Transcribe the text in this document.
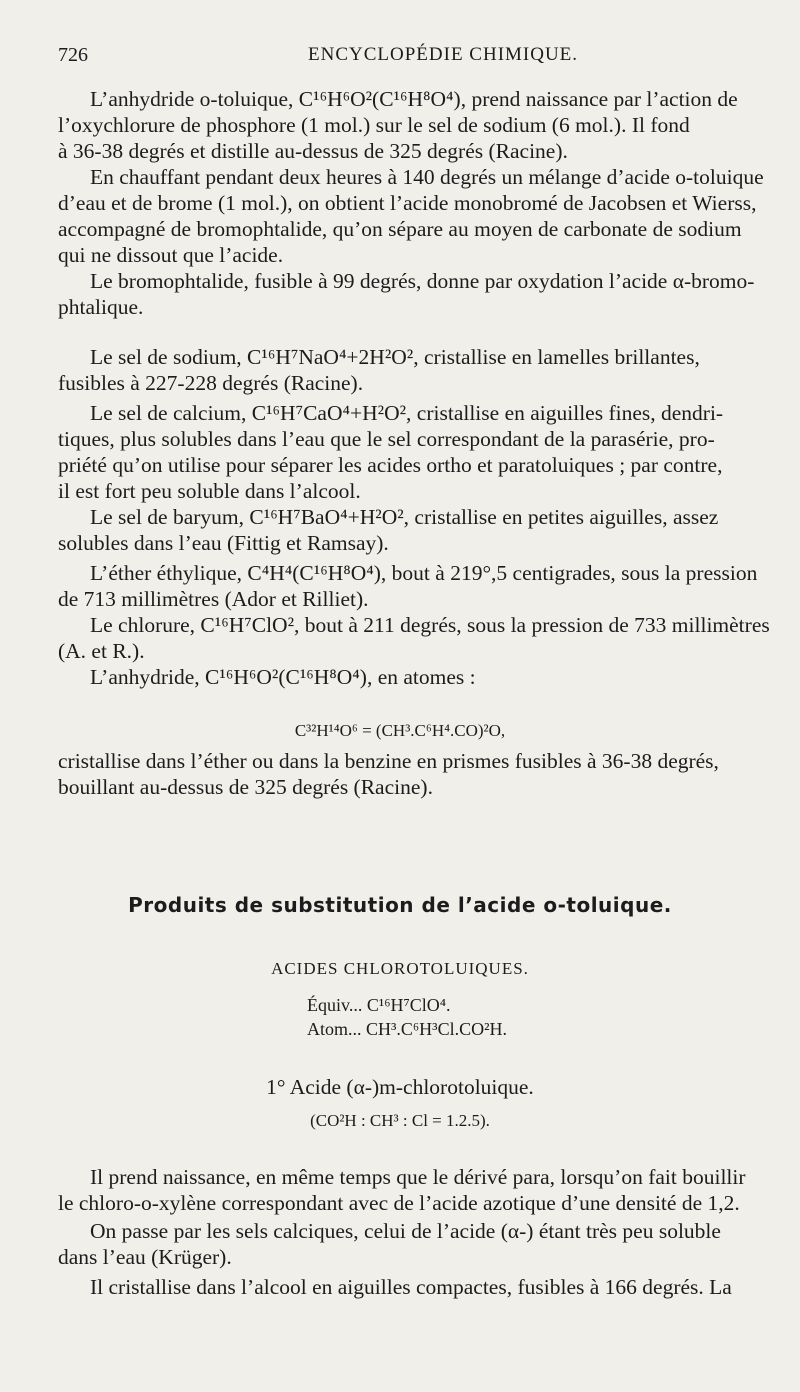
726	ENCYCLOPÉDIE CHIMIQUE.
L’anhydride o-toluique, C¹⁶H⁶O²(C¹⁶H⁸O⁴), prend naissance par l’action de
l’oxychlorure de phosphore (1 mol.) sur le sel de sodium (6 mol.). Il fond
à 36-38 degrés et distille au-dessus de 325 degrés (Racine).
En chauffant pendant deux heures à 140 degrés un mélange d’acide o-toluique
d’eau et de brome (1 mol.), on obtient l’acide monobromé de Jacobsen et Wierss,
accompagné de bromophtalide, qu’on sépare au moyen de carbonate de sodium
qui ne dissout que l’acide.
Le bromophtalide, fusible à 99 degrés, donne par oxydation l’acide α-bromo-
phtalique.
Le sel de sodium, C¹⁶H⁷NaO⁴+2H²O², cristallise en lamelles brillantes,
fusibles à 227-228 degrés (Racine).
Le sel de calcium, C¹⁶H⁷CaO⁴+H²O², cristallise en aiguilles fines, dendri-
tiques, plus solubles dans l’eau que le sel correspondant de la parasérie, pro-
priété qu’on utilise pour séparer les acides ortho et paratoluiques ; par contre,
il est fort peu soluble dans l’alcool.
Le sel de baryum, C¹⁶H⁷BaO⁴+H²O², cristallise en petites aiguilles, assez
solubles dans l’eau (Fittig et Ramsay).
L’éther éthylique, C⁴H⁴(C¹⁶H⁸O⁴), bout à 219°,5 centigrades, sous la pression
de 713 millimètres (Ador et Rilliet).
Le chlorure, C¹⁶H⁷ClO², bout à 211 degrés, sous la pression de 733 millimètres
(A. et R.).
L’anhydride, C¹⁶H⁶O²(C¹⁶H⁸O⁴), en atomes :
C³²H¹⁴O⁶ = (CH³.C⁶H⁴.CO)²O,
cristallise dans l’éther ou dans la benzine en prismes fusibles à 36-38 degrés,
bouillant au-dessus de 325 degrés (Racine).
Produits de substitution de l’acide o-toluique.
ACIDES CHLOROTOLUIQUES.
Équiv... C¹⁶H⁷ClO⁴.
Atom... CH³.C⁶H³Cl.CO²H.
1° Acide (α-)m-chlorotoluique.
(CO²H : CH³ : Cl = 1.2.5).
Il prend naissance, en même temps que le dérivé para, lorsqu’on fait bouillir
le chloro-o-xylène correspondant avec de l’acide azotique d’une densité de 1,2.
On passe par les sels calciques, celui de l’acide (α-) étant très peu soluble
dans l’eau (Krüger).
Il cristallise dans l’alcool en aiguilles compactes, fusibles à 166 degrés. La
